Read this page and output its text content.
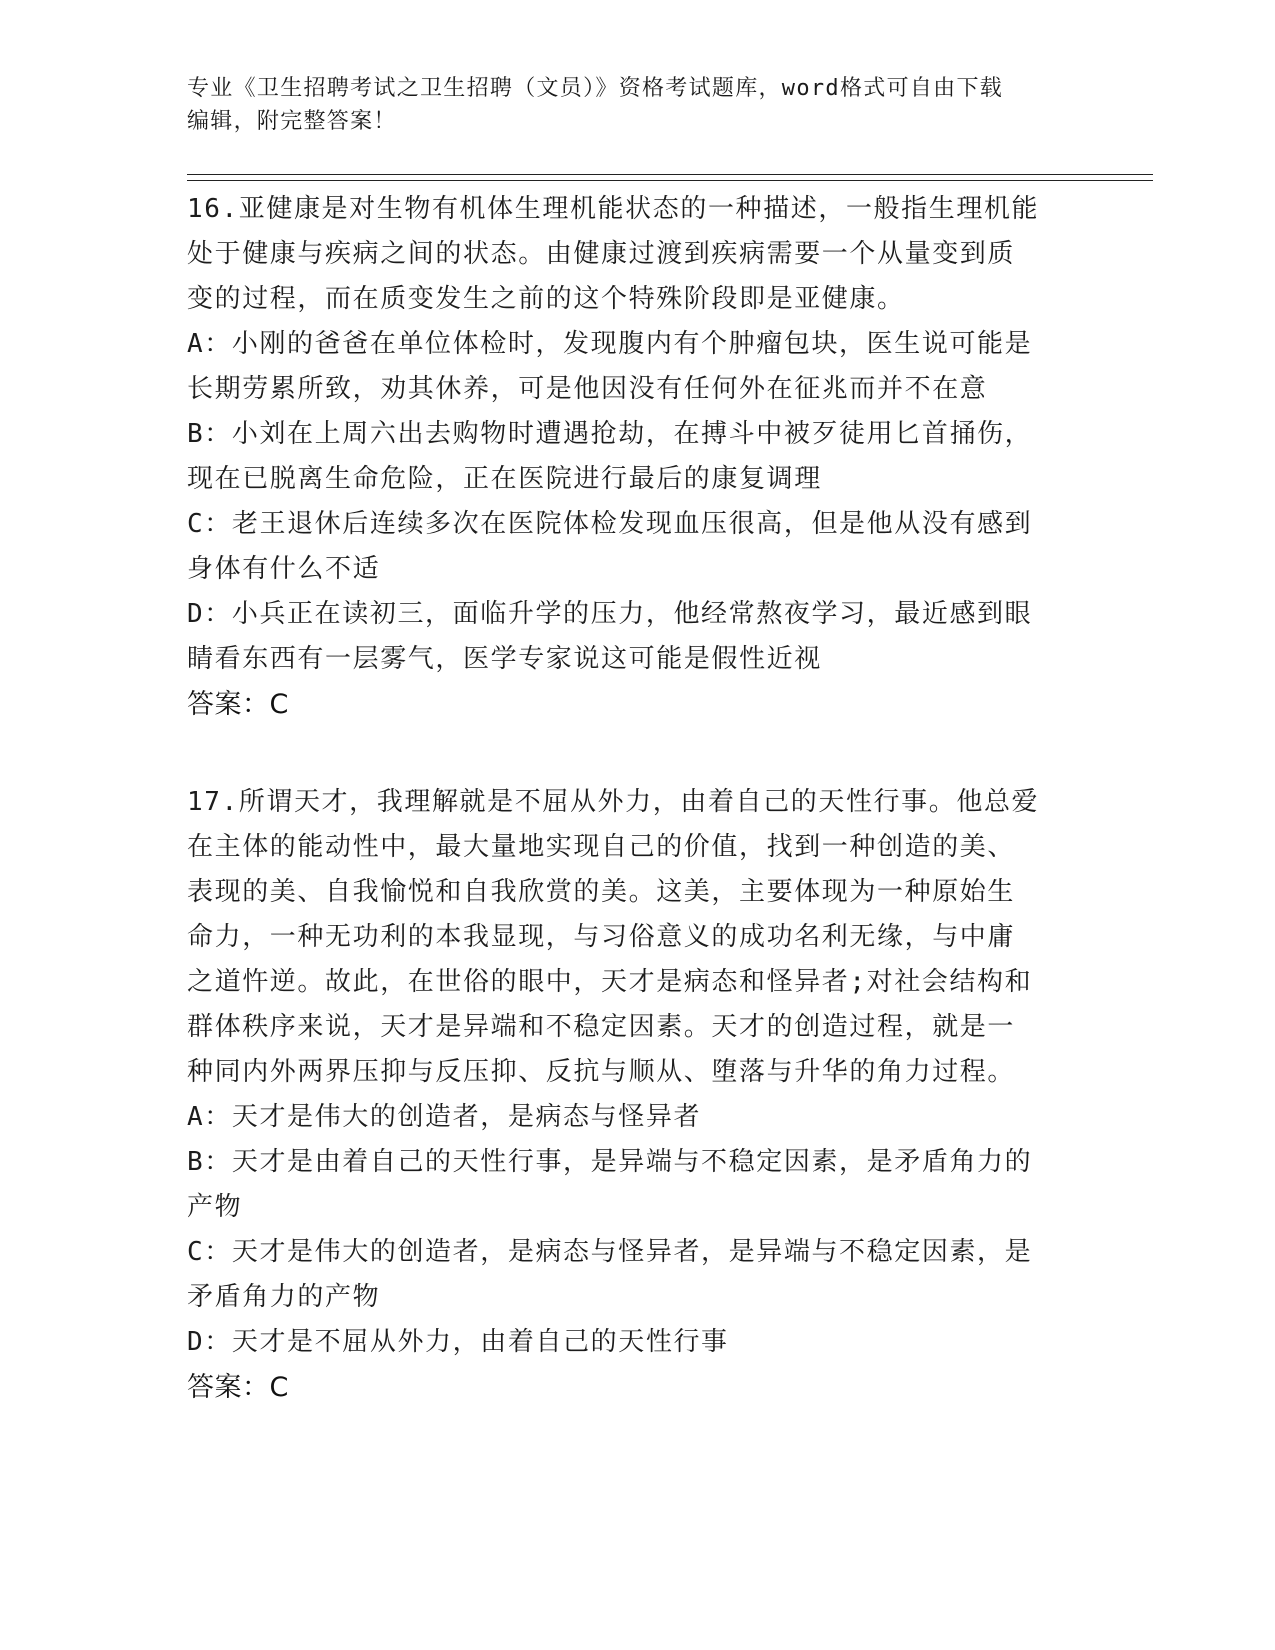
专业《卫生招聘考试之卫生招聘（文员）》资格考试题库，word格式可自由下载
编辑，附完整答案！
16.亚健康是对生物有机体生理机能状态的一种描述，一般指生理机能
处于健康与疾病之间的状态。由健康过渡到疾病需要一个从量变到质
变的过程，而在质变发生之前的这个特殊阶段即是亚健康。
A：小刚的爸爸在单位体检时，发现腹内有个肿瘤包块，医生说可能是
长期劳累所致，劝其休养，可是他因没有任何外在征兆而并不在意
B：小刘在上周六出去购物时遭遇抢劫，在搏斗中被歹徒用匕首捅伤，
现在已脱离生命危险，正在医院进行最后的康复调理
C：老王退休后连续多次在医院体检发现血压很高，但是他从没有感到
身体有什么不适
D：小兵正在读初三，面临升学的压力，他经常熬夜学习，最近感到眼
睛看东西有一层雾气，医学专家说这可能是假性近视
答案：C
17.所谓天才，我理解就是不屈从外力，由着自己的天性行事。他总爱
在主体的能动性中，最大量地实现自己的价值，找到一种创造的美、
表现的美、自我愉悦和自我欣赏的美。这美，主要体现为一种原始生
命力，一种无功利的本我显现，与习俗意义的成功名利无缘，与中庸
之道忤逆。故此，在世俗的眼中，天才是病态和怪异者;对社会结构和
群体秩序来说，天才是异端和不稳定因素。天才的创造过程，就是一
种同内外两界压抑与反压抑、反抗与顺从、堕落与升华的角力过程。
A：天才是伟大的创造者，是病态与怪异者
B：天才是由着自己的天性行事，是异端与不稳定因素，是矛盾角力的
产物
C：天才是伟大的创造者，是病态与怪异者，是异端与不稳定因素，是
矛盾角力的产物
D：天才是不屈从外力，由着自己的天性行事
答案：C
